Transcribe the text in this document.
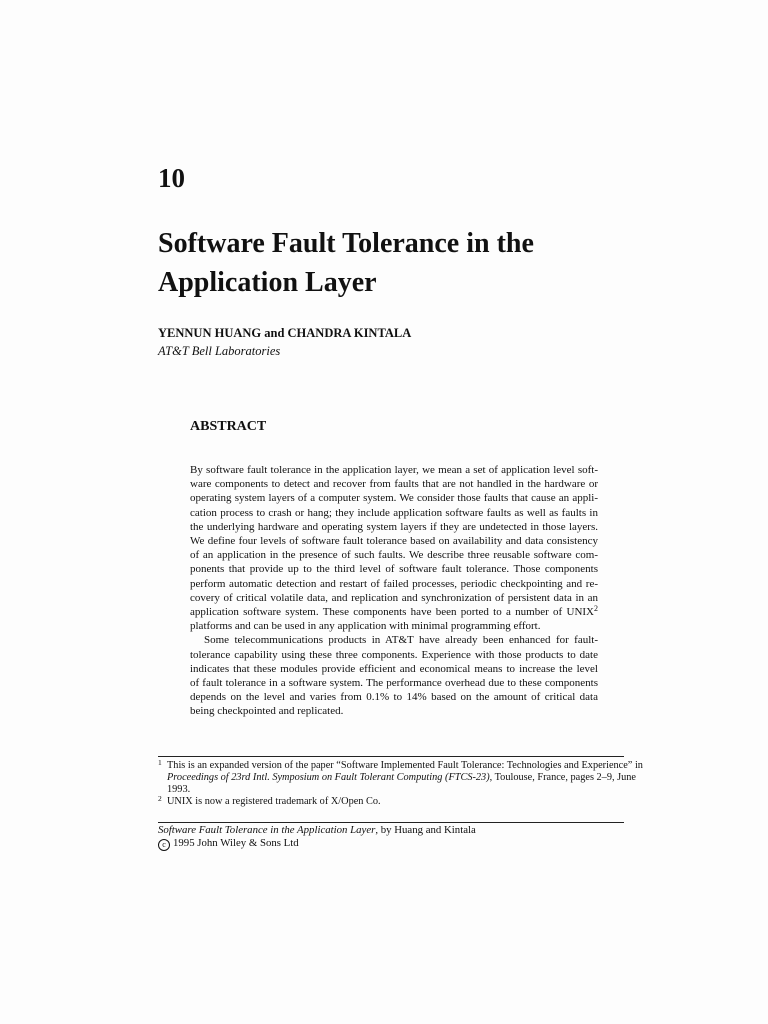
10
Software Fault Tolerance in the
Application Layer
YENNUN HUANG and CHANDRA KINTALA
AT&T Bell Laboratories
ABSTRACT
By software fault tolerance in the application layer, we mean a set of application level soft-
ware components to detect and recover from faults that are not handled in the hardware or
operating system layers of a computer system. We consider those faults that cause an appli-
cation process to crash or hang; they include application software faults as well as faults in
the underlying hardware and operating system layers if they are undetected in those layers.
We define four levels of software fault tolerance based on availability and data consistency
of an application in the presence of such faults. We describe three reusable software com-
ponents that provide up to the third level of software fault tolerance. Those components
perform automatic detection and restart of failed processes, periodic checkpointing and re-
covery of critical volatile data, and replication and synchronization of persistent data in an
application software system. These components have been ported to a number of UNIX$^2$
platforms and can be used in any application with minimal programming effort.
Some telecommunications products in AT&T have already been enhanced for fault-
tolerance capability using these three components. Experience with those products to date
indicates that these modules provide efficient and economical means to increase the level
of fault tolerance in a software system. The performance overhead due to these components
depends on the level and varies from 0.1% to 14% based on the amount of critical data
being checkpointed and replicated.
1 This is an expanded version of the paper “Software Implemented Fault Tolerance: Technologies and Experience” in
Proceedings of 23rd Intl. Symposium on Fault Tolerant Computing (FTCS-23), Toulouse, France, pages 2–9, June
1993.
2 UNIX is now a registered trademark of X/Open Co.
Software Fault Tolerance in the Application Layer, by Huang and Kintala
c 1995 John Wiley & Sons Ltd
